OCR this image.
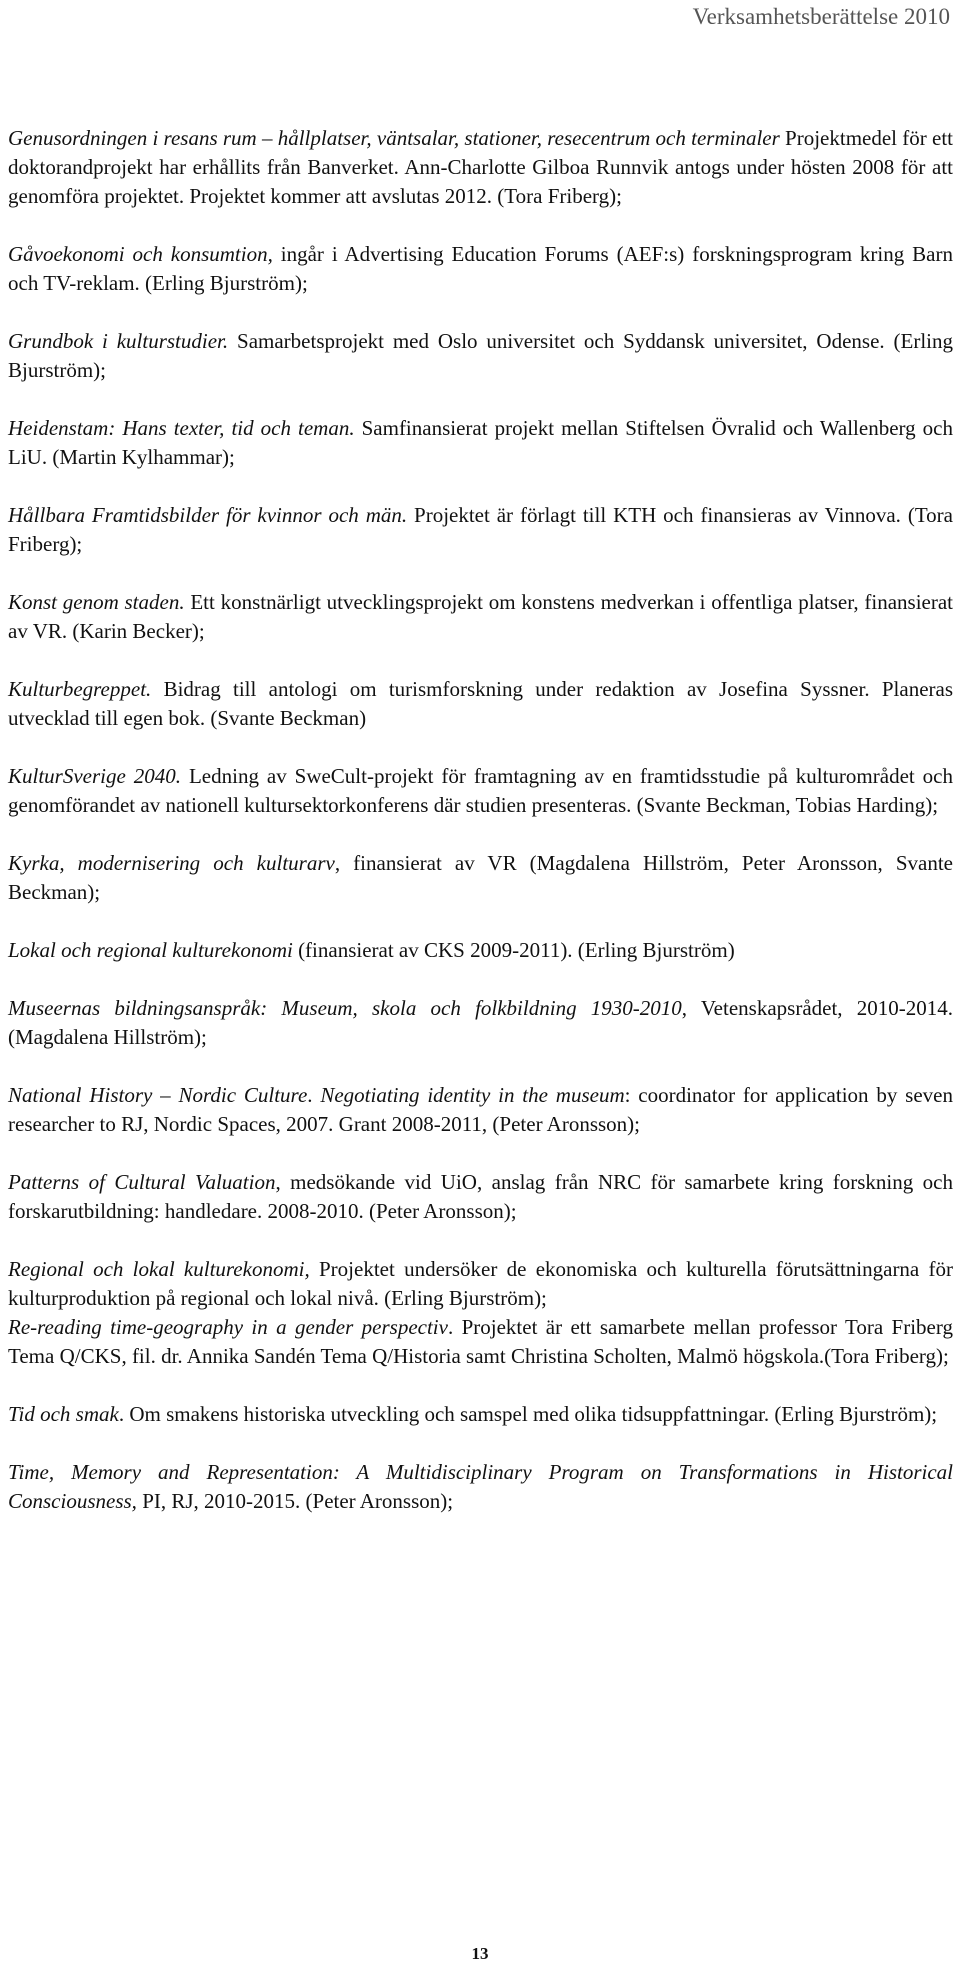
Verksamhetsberättelse 2010

Genusordningen i resans rum – hållplatser, väntsalar, stationer, resecentrum och terminaler Projektmedel för ett doktorandprojekt har erhållits från Banverket. Ann-Charlotte Gilboa Runnvik antogs under hösten 2008 för att genomföra projektet. Projektet kommer att avslutas 2012. (Tora Friberg);

Gåvoekonomi och konsumtion, ingår i Advertising Education Forums (AEF:s) forskningsprogram kring Barn och TV-reklam. (Erling Bjurström);

Grundbok i kulturstudier. Samarbetsprojekt med Oslo universitet och Syddansk universitet, Odense. (Erling Bjurström);

Heidenstam: Hans texter, tid och teman. Samfinansierat projekt mellan Stiftelsen Övralid och Wallenberg och LiU. (Martin Kylhammar);

Hållbara Framtidsbilder för kvinnor och män. Projektet är förlagt till KTH och finansieras av Vinnova. (Tora Friberg);

Konst genom staden. Ett konstnärligt utvecklingsprojekt om konstens medverkan i offentliga platser, finansierat av VR. (Karin Becker);

Kulturbegreppet. Bidrag till antologi om turismforskning under redaktion av Josefina Syssner. Planeras utvecklad till egen bok. (Svante Beckman)

KulturSverige 2040. Ledning av SweCult-projekt för framtagning av en framtidsstudie på kulturområdet och genomförandet av nationell kultursektorkonferens där studien presenteras. (Svante Beckman, Tobias Harding);

Kyrka, modernisering och kulturarv, finansierat av VR (Magdalena Hillström, Peter Aronsson, Svante Beckman);

Lokal och regional kulturekonomi (finansierat av CKS 2009-2011). (Erling Bjurström)

Museernas bildningsanspråk: Museum, skola och folkbildning 1930-2010, Vetenskapsrådet, 2010-2014. (Magdalena Hillström);

National History – Nordic Culture. Negotiating identity in the museum: coordinator for application by seven researcher to RJ, Nordic Spaces, 2007. Grant 2008-2011, (Peter Aronsson);

Patterns of Cultural Valuation, medsökande vid UiO, anslag från NRC för samarbete kring forskning och forskarutbildning: handledare. 2008-2010. (Peter Aronsson);

Regional och lokal kulturekonomi, Projektet undersöker de ekonomiska och kulturella förutsättningarna för kulturproduktion på regional och lokal nivå. (Erling Bjurström);

Re-reading time-geography in a gender perspectiv. Projektet är ett samarbete mellan professor Tora Friberg Tema Q/CKS, fil. dr. Annika Sandén Tema Q/Historia samt Christina Scholten, Malmö högskola.(Tora Friberg);

Tid och smak. Om smakens historiska utveckling och samspel med olika tidsuppfattningar. (Erling Bjurström);

Time, Memory and Representation: A Multidisciplinary Program on Transformations in Historical Consciousness, PI, RJ, 2010-2015. (Peter Aronsson);

13
